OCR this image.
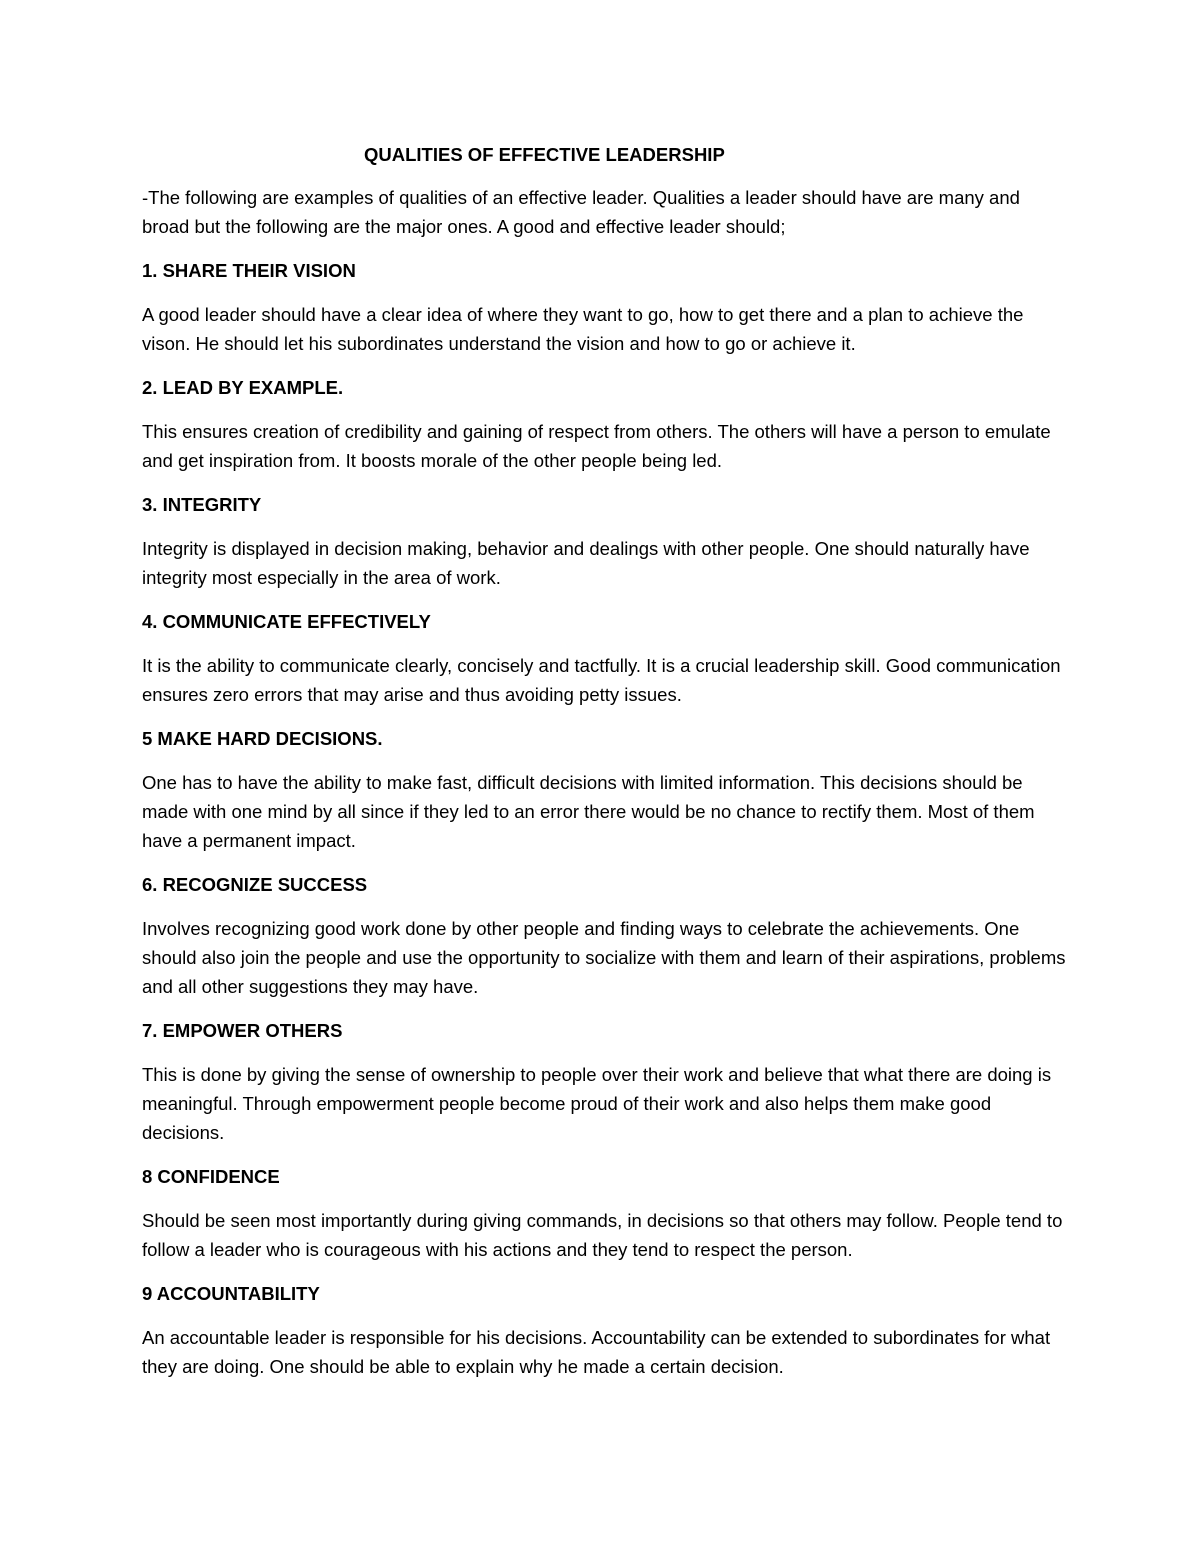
QUALITIES OF EFFECTIVE LEADERSHIP

-The following are examples of qualities of an effective leader. Qualities a leader should have are many and broad but the following are the major ones. A good and effective leader should;

1. SHARE THEIR VISION

A good leader should have a clear idea of where they want to go, how to get there and a plan to achieve the vison. He should let his subordinates understand the vision and how to go or achieve it.

2. LEAD BY EXAMPLE.

This ensures creation of credibility and gaining of respect from others. The others will have a person to emulate and get inspiration from. It boosts morale of the other people being led.

3. INTEGRITY

Integrity is displayed in decision making, behavior and dealings with other people. One should naturally have integrity most especially in the area of work.

4. COMMUNICATE EFFECTIVELY

It is the ability to communicate clearly, concisely and tactfully. It is a crucial leadership skill. Good communication ensures zero errors that may arise and thus avoiding petty issues.

5 MAKE HARD DECISIONS.

One has to have the ability to make fast, difficult decisions with limited information. This decisions should be made with one mind by all since if they led to an error there would be no chance to rectify them. Most of them have a permanent impact.

6. RECOGNIZE SUCCESS

Involves recognizing good work done by other people and finding ways to celebrate the achievements. One should also join the people and use the opportunity to socialize with them and learn of their aspirations, problems and all other suggestions they may have.

7. EMPOWER OTHERS

This is done by giving the sense of ownership to people over their work and believe that what there are doing is meaningful. Through empowerment people become proud of their work and also helps them make good decisions.

8 CONFIDENCE

Should be seen most importantly during giving commands, in decisions so that others may follow. People tend to follow a leader who is courageous with his actions and they tend to respect the person.

9 ACCOUNTABILITY

An accountable leader is responsible for his decisions. Accountability can be extended to subordinates for what they are doing. One should be able to explain why he made a certain decision.
